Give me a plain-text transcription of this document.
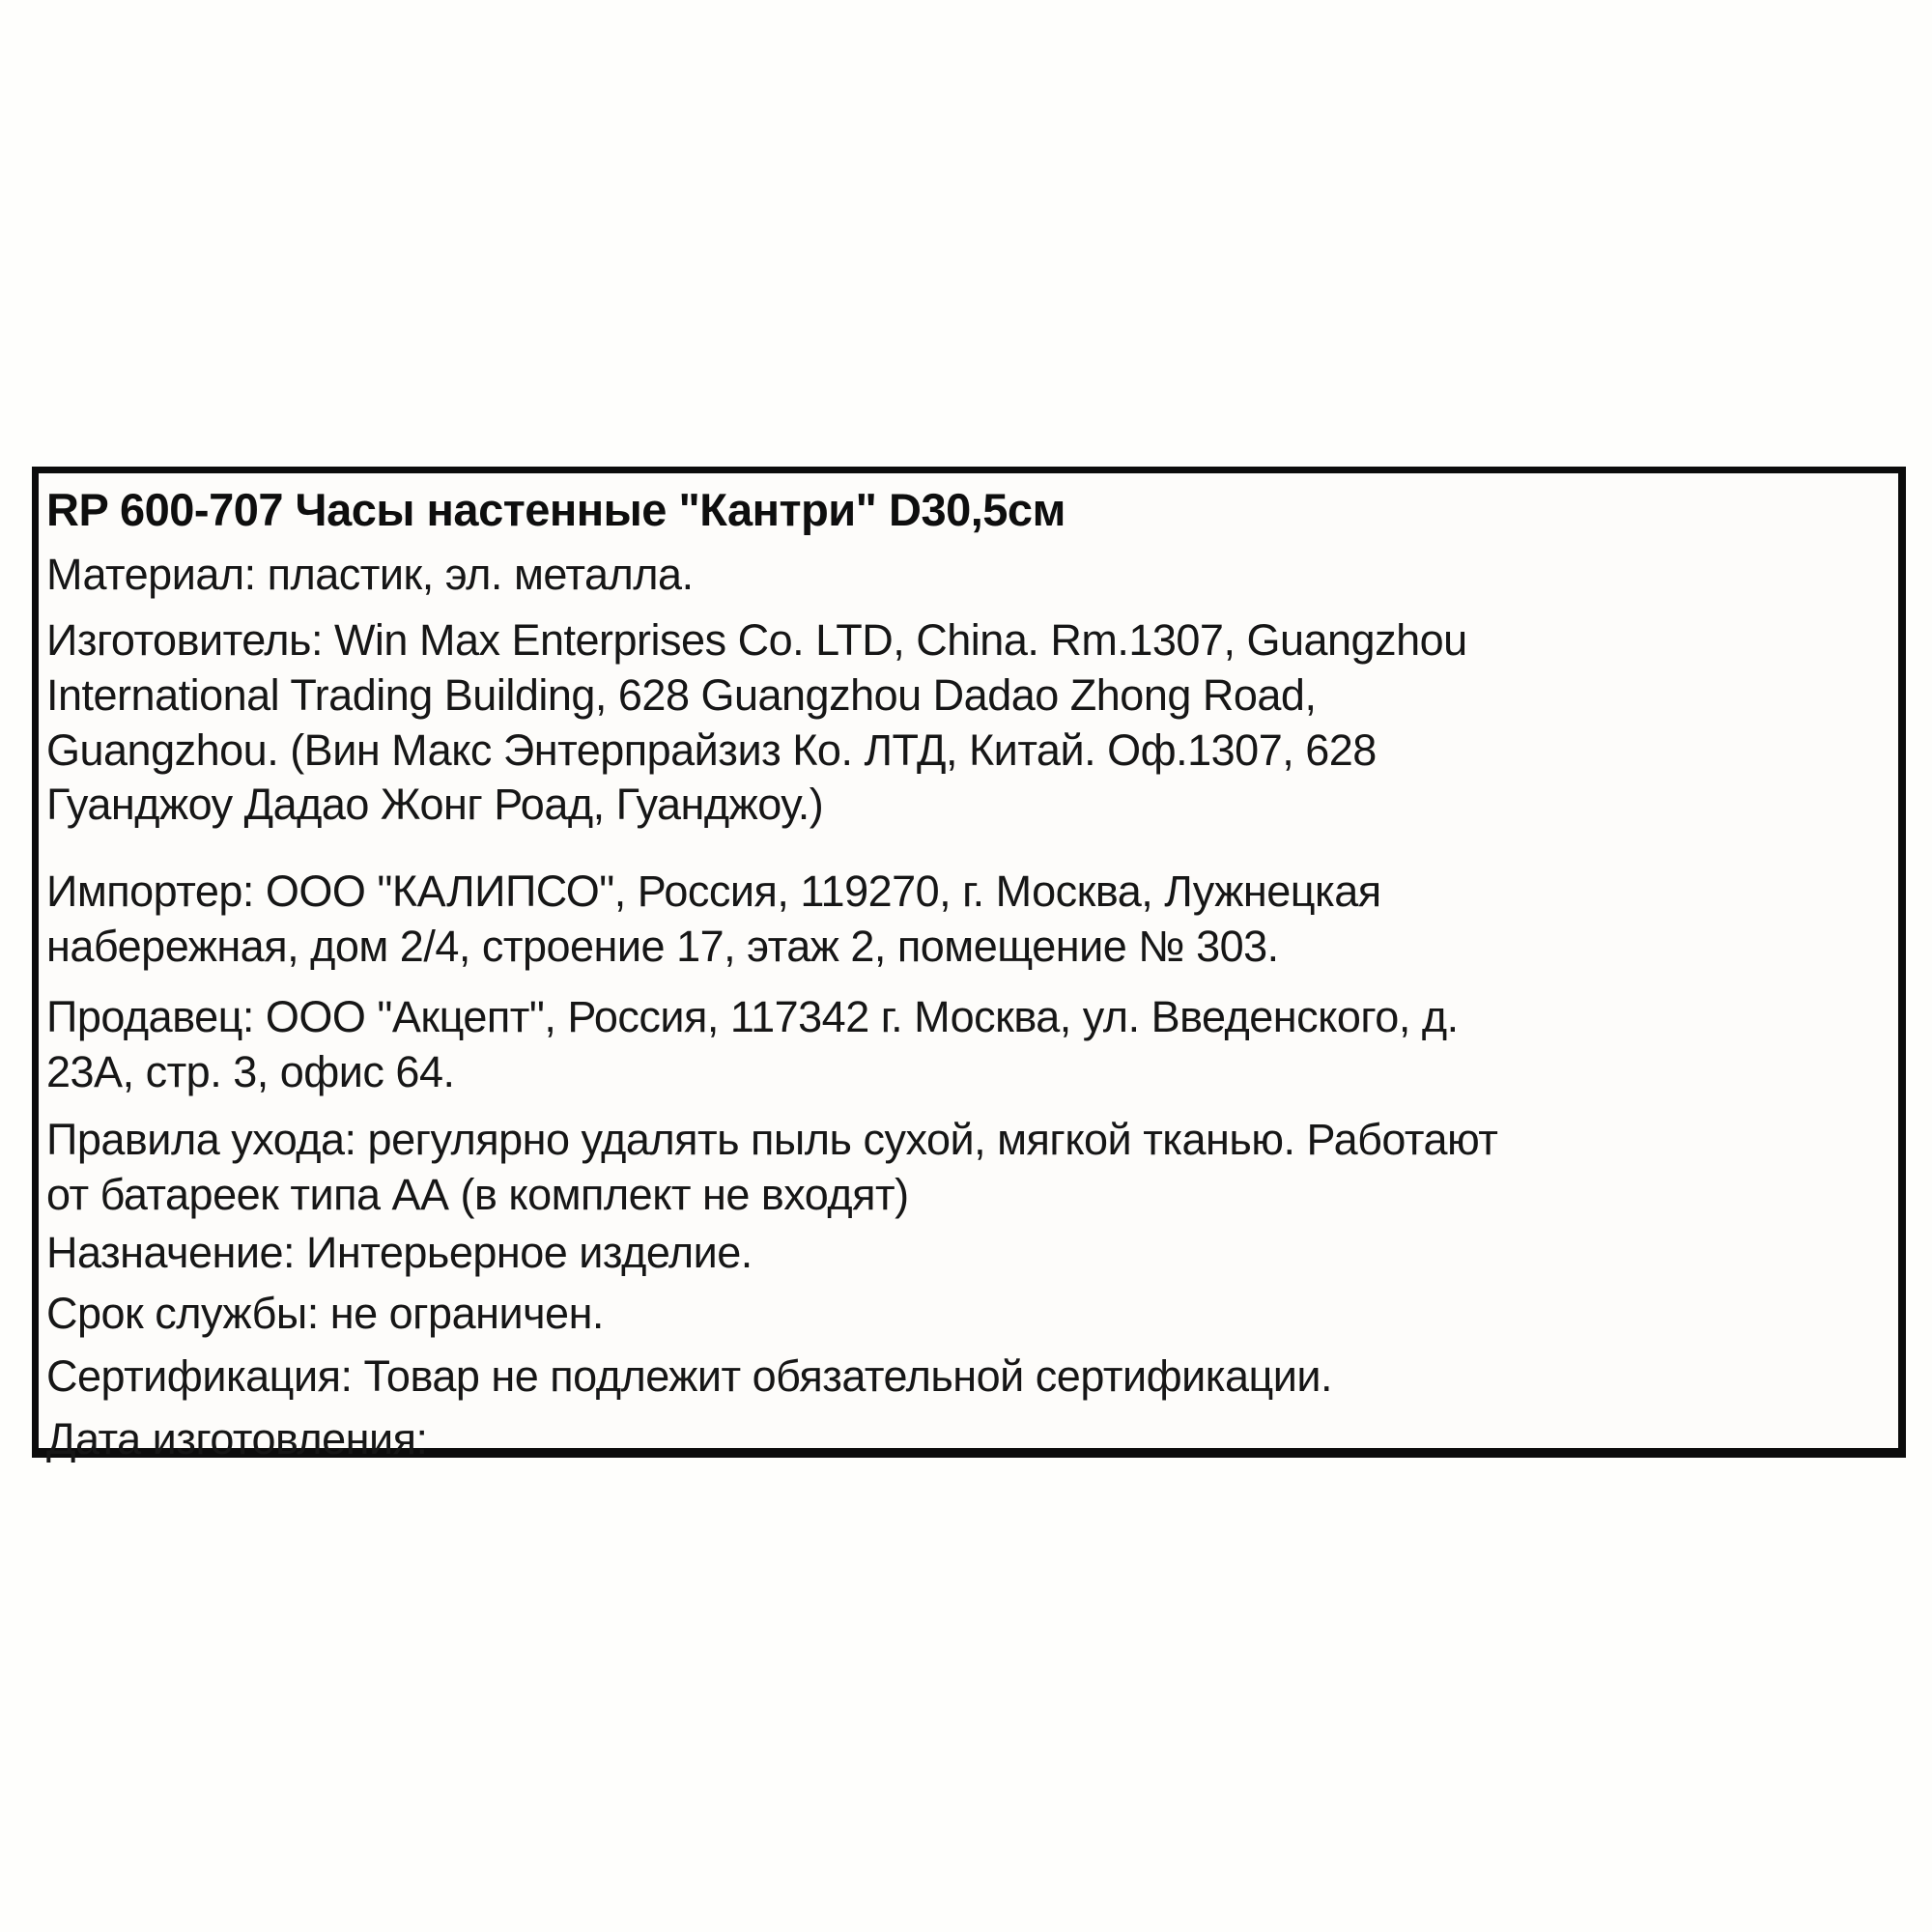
RP 600-707 Часы настенные "Кантри" D30,5см
Материал: пластик, эл. металла.
Изготовитель: Win Max Enterprises Co. LTD, China. Rm.1307, Guangzhou
International Trading Building, 628 Guangzhou Dadao Zhong Road,
Guangzhou. (Вин Макс Энтерпрайзиз Ко. ЛТД, Китай. Оф.1307, 628
Гуанджоу Дадао Жонг Роад, Гуанджоу.)
Импортер: ООО "КАЛИПСО", Россия, 119270, г. Москва, Лужнецкая
набережная, дом 2/4, строение 17, этаж 2, помещение № 303.
Продавец: ООО "Акцепт", Россия, 117342 г. Москва, ул. Введенского, д.
23А, стр. 3, офис 64.
Правила ухода: регулярно удалять пыль сухой, мягкой тканью. Работают
от батареек типа АА (в комплект не входят)
Назначение: Интерьерное изделие.
Срок службы: не ограничен.
Сертификация: Товар не подлежит обязательной сертификации.
Дата изготовления:
